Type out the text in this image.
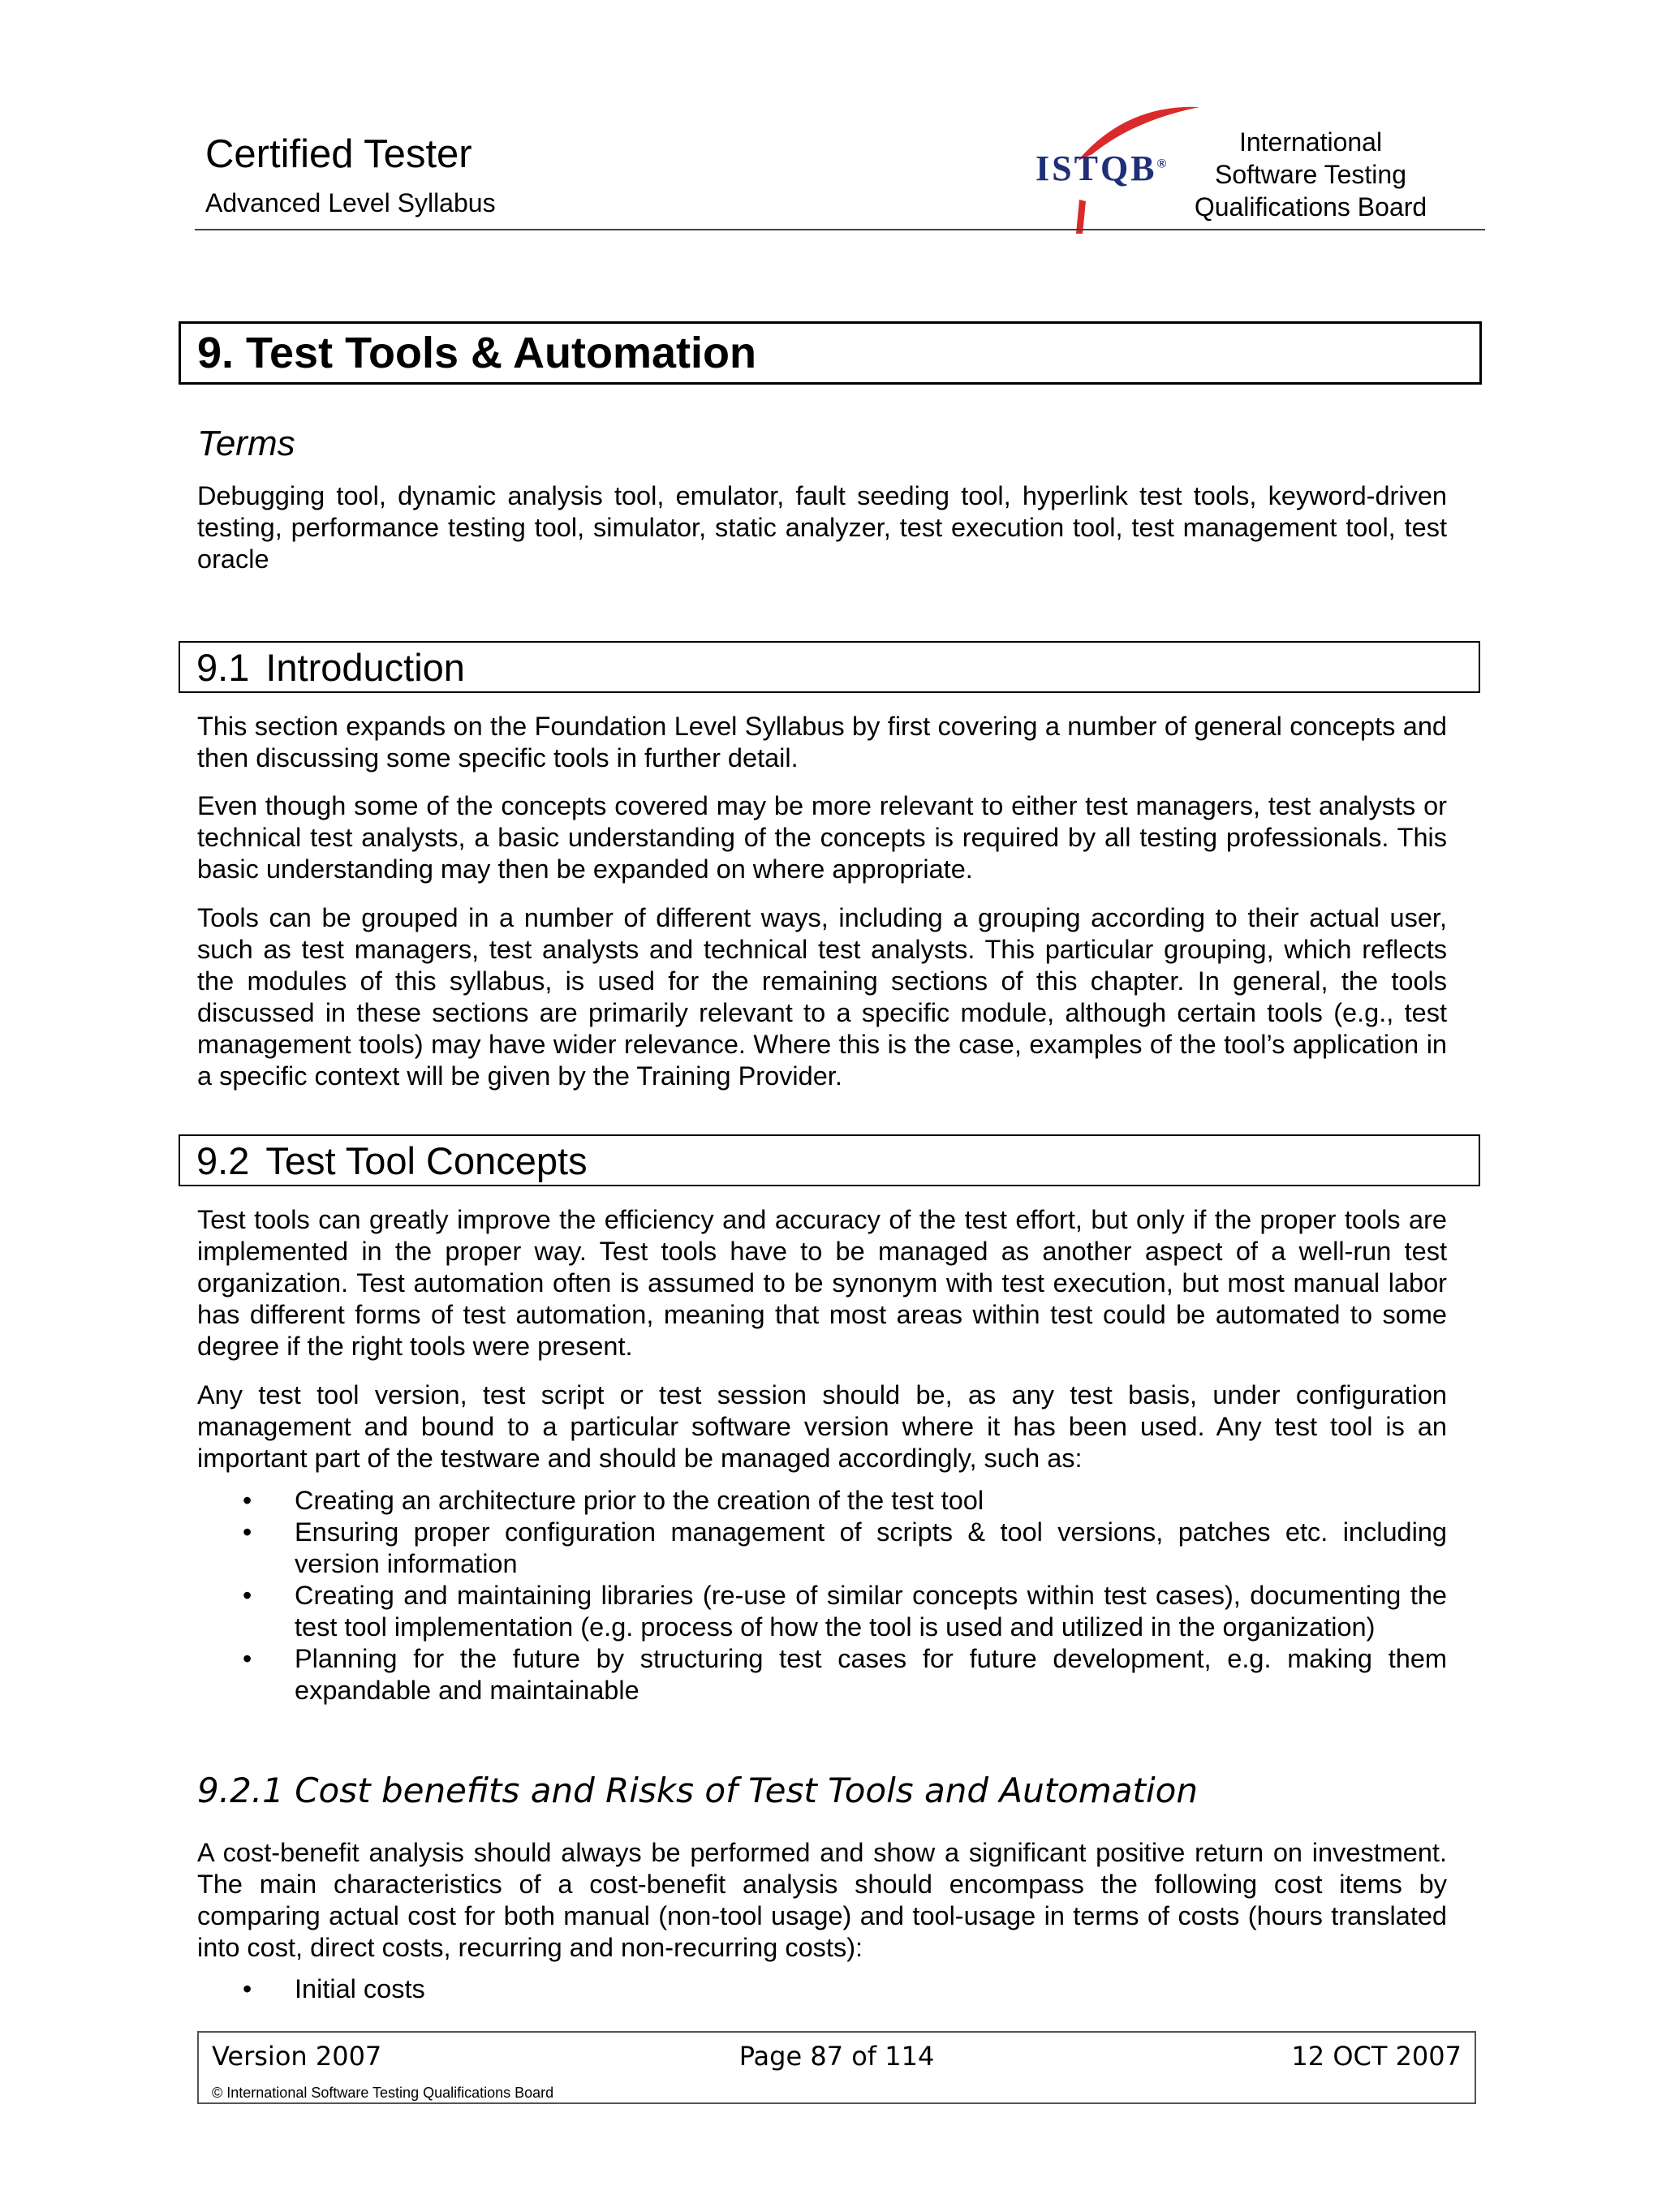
Certified Tester
Advanced Level Syllabus
ISTQB®
International
Software Testing
Qualifications Board
9. Test Tools & Automation
Terms

Debugging tool, dynamic analysis tool, emulator, fault seeding tool, hyperlink test tools, keyword-driven testing, performance testing tool, simulator, static analyzer, test execution tool, test management tool, test oracle

9.1 Introduction

This section expands on the Foundation Level Syllabus by first covering a number of general concepts and then discussing some specific tools in further detail.

Even though some of the concepts covered may be more relevant to either test managers, test analysts or technical test analysts, a basic understanding of the concepts is required by all testing professionals. This basic understanding may then be expanded on where appropriate.

Tools can be grouped in a number of different ways, including a grouping according to their actual user, such as test managers, test analysts and technical test analysts. This particular grouping, which reflects the modules of this syllabus, is used for the remaining sections of this chapter. In general, the tools discussed in these sections are primarily relevant to a specific module, although certain tools (e.g., test management tools) may have wider relevance. Where this is the case, examples of the tool’s application in a specific context will be given by the Training Provider.

9.2 Test Tool Concepts

Test tools can greatly improve the efficiency and accuracy of the test effort, but only if the proper tools are implemented in the proper way. Test tools have to be managed as another aspect of a well-run test organization. Test automation often is assumed to be synonym with test execution, but most manual labor has different forms of test automation, meaning that most areas within test could be automated to some degree if the right tools were present.

Any test tool version, test script or test session should be, as any test basis, under configuration management and bound to a particular software version where it has been used. Any test tool is an important part of the testware and should be managed accordingly, such as:

• Creating an architecture prior to the creation of the test tool
• Ensuring proper configuration management of scripts & tool versions, patches etc. including version information
• Creating and maintaining libraries (re-use of similar concepts within test cases), documenting the test tool implementation (e.g. process of how the tool is used and utilized in the organization)
• Planning for the future by structuring test cases for future development, e.g. making them expandable and maintainable
9.2.1 Cost benefits and Risks of Test Tools and Automation

A cost-benefit analysis should always be performed and show a significant positive return on investment. The main characteristics of a cost-benefit analysis should encompass the following cost items by comparing actual cost for both manual (non-tool usage) and tool-usage in terms of costs (hours translated into cost, direct costs, recurring and non-recurring costs):

• Initial costs
Version 2007	Page 87 of 114	12 OCT 2007
© International Software Testing Qualifications Board
